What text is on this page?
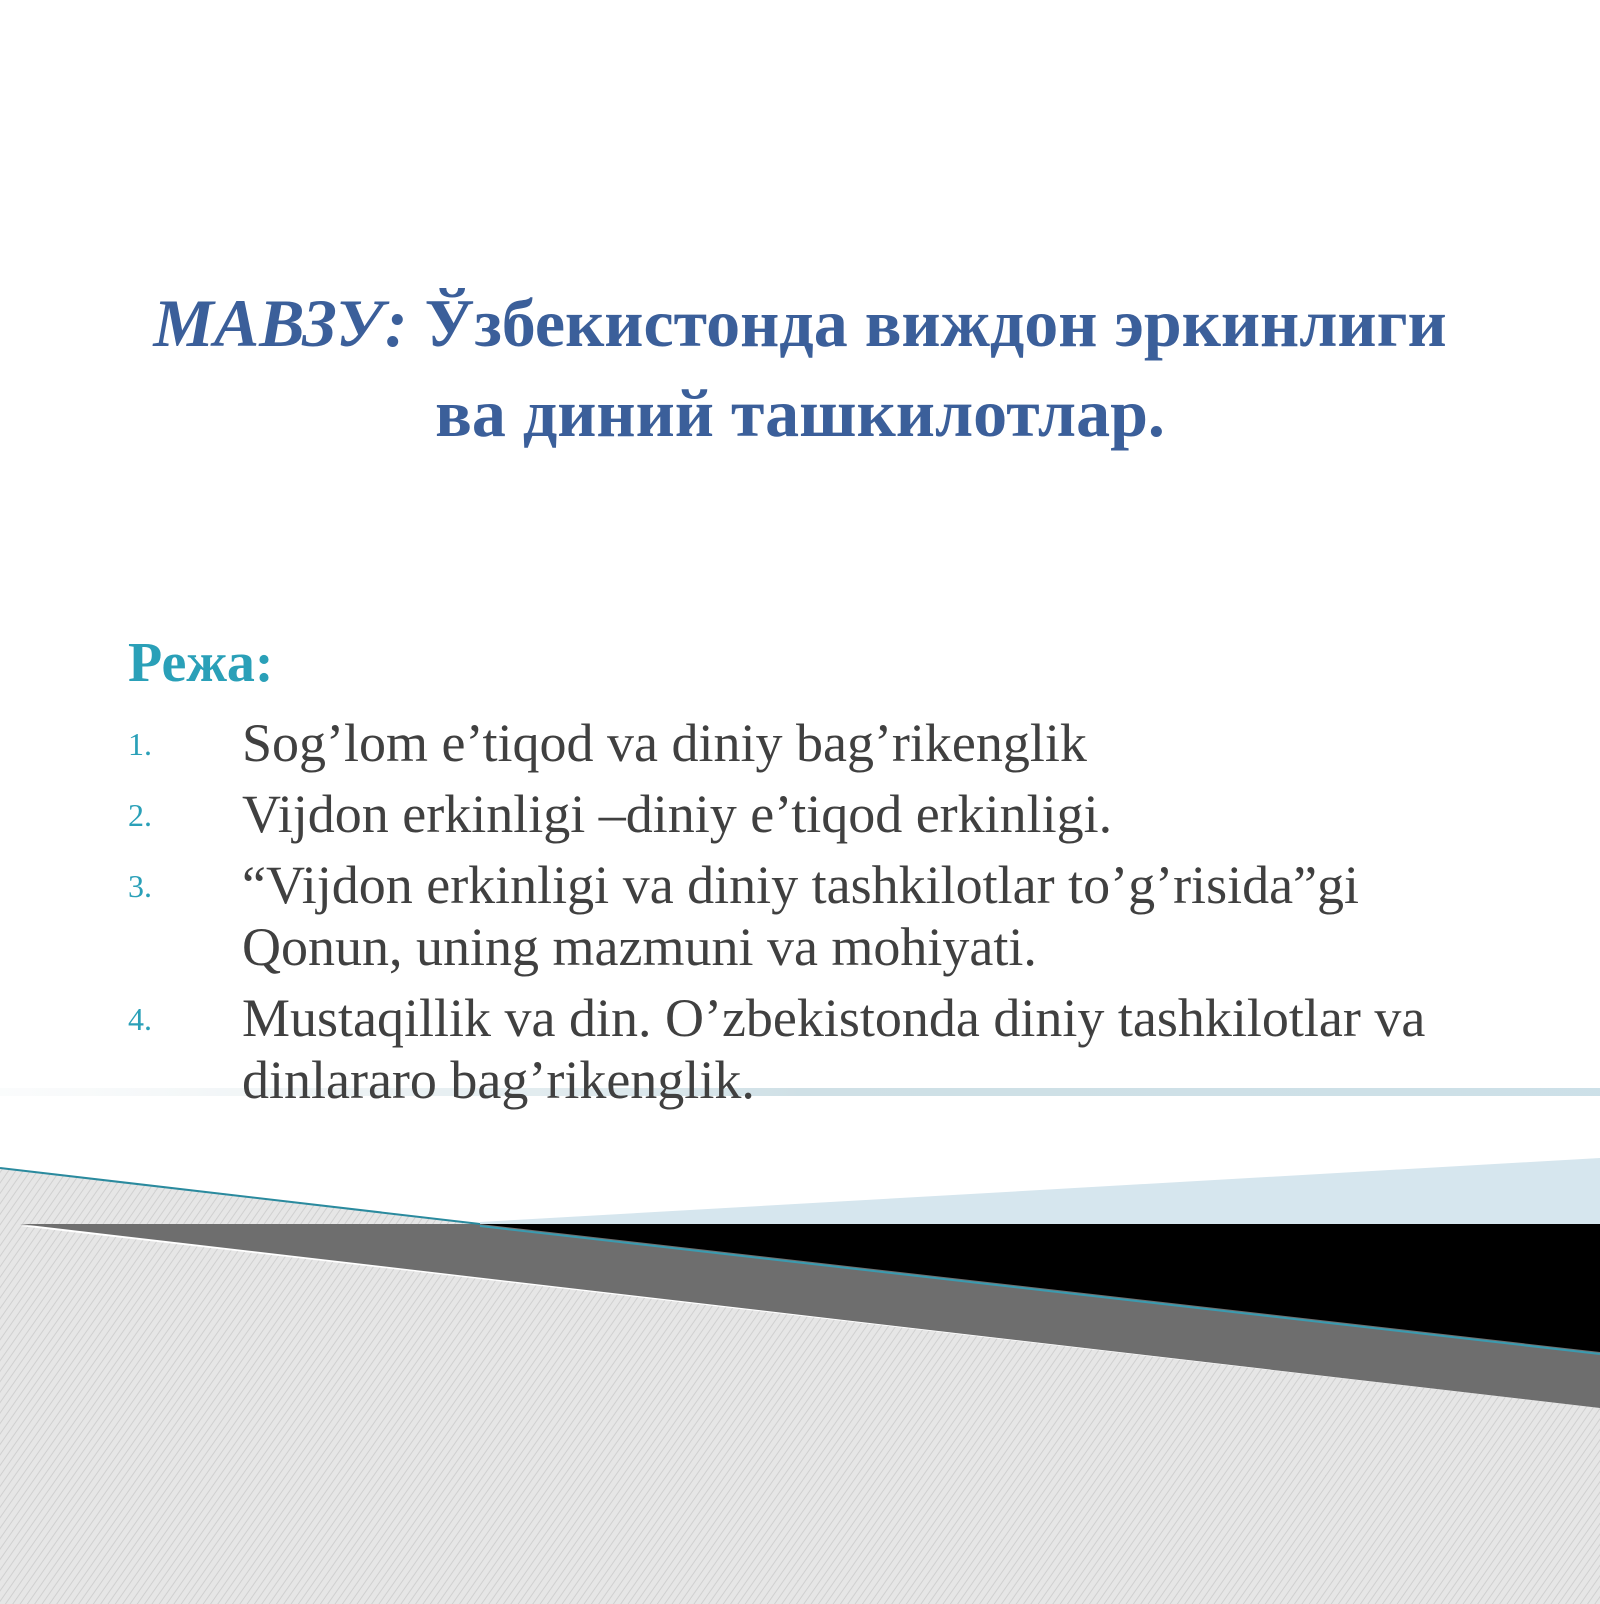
МАВЗУ: Ўзбекистонда виждон эркинлиги ва диний ташкилотлар.
Режа:
1. Sog’lom e’tiqod va diniy bag’rikenglik
2. Vijdon erkinligi –diniy e’tiqod erkinligi.
3. “Vijdon erkinligi va diniy tashkilotlar to’g’risida”gi Qonun, uning mazmuni va mohiyati.
4. Mustaqillik va din. O’zbekistonda diniy tashkilotlar va dinlararo bag’rikenglik.
